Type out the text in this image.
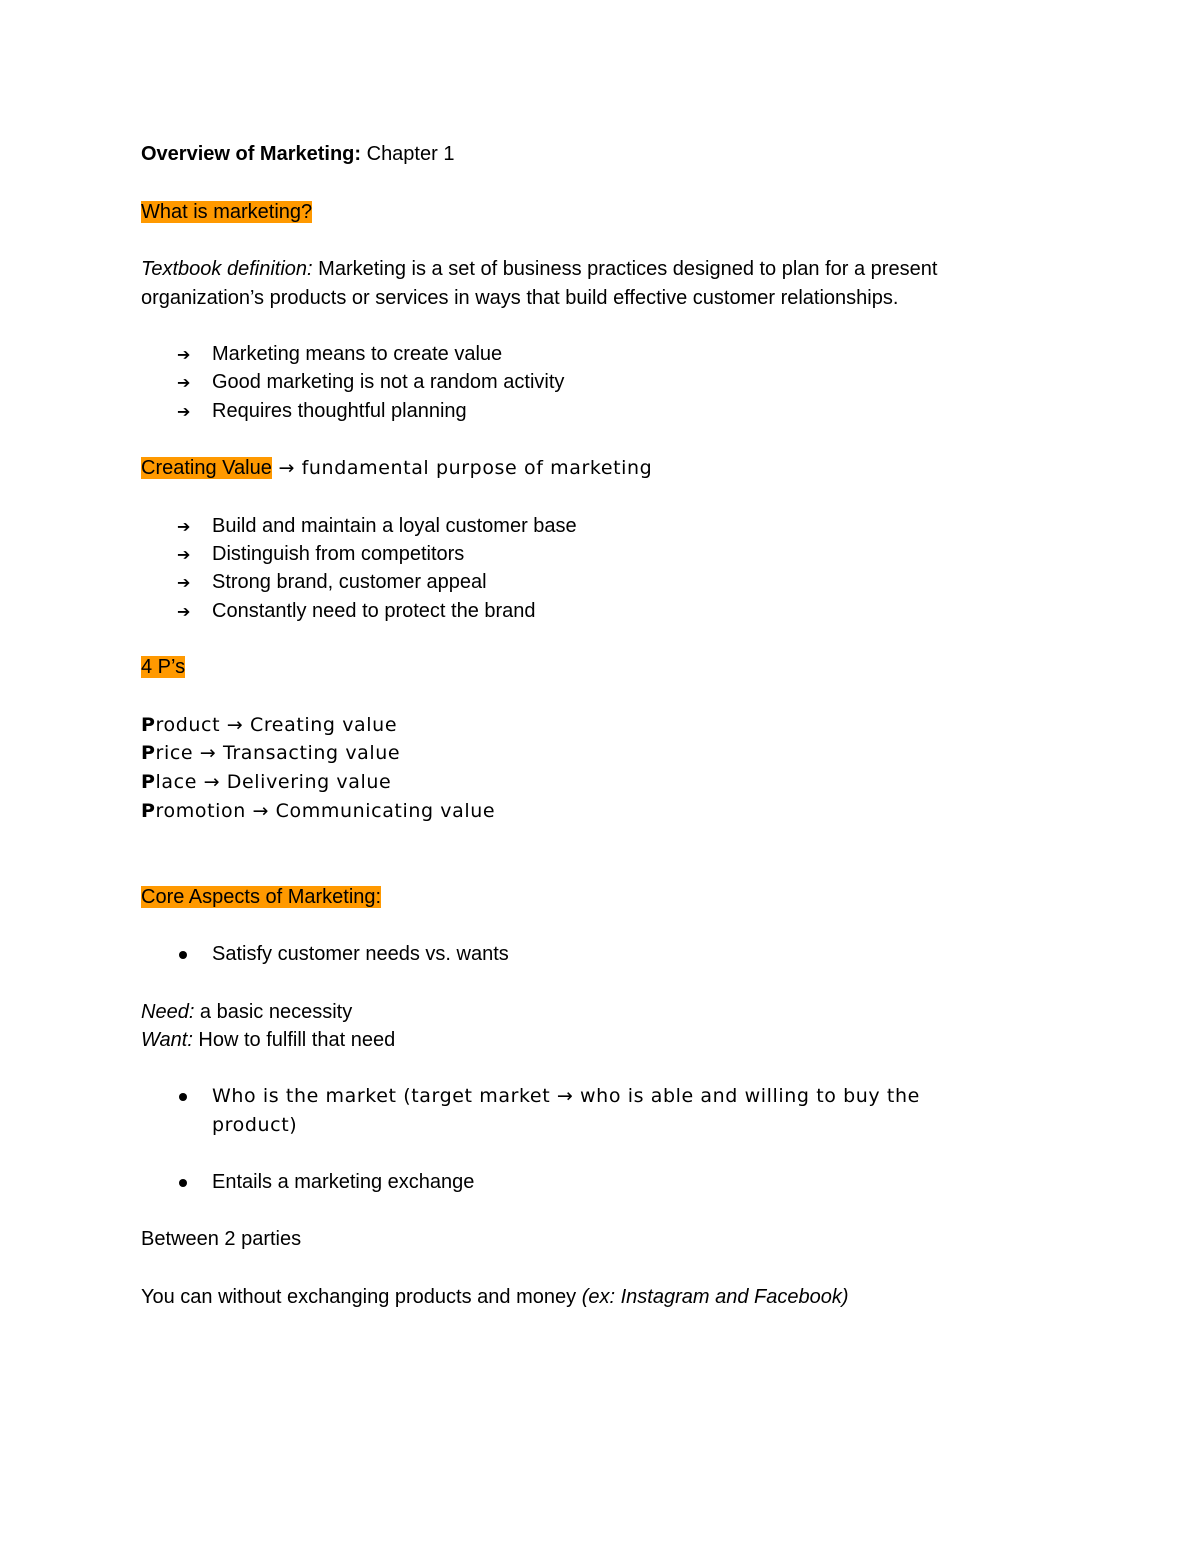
Overview of Marketing: Chapter 1
What is marketing?
Textbook definition: Marketing is a set of business practices designed to plan for a present
organization’s products or services in ways that build effective customer relationships.
➔ Marketing means to create value
➔ Good marketing is not a random activity
➔ Requires thoughtful planning
Creating Value → fundamental purpose of marketing
➔ Build and maintain a loyal customer base
➔ Distinguish from competitors
➔ Strong brand, customer appeal
➔ Constantly need to protect the brand
4 P’s
Product → Creating value
Price → Transacting value
Place → Delivering value
Promotion → Communicating value
Core Aspects of Marketing:
Satisfy customer needs vs. wants
Need: a basic necessity
Want: How to fulfill that need
Who is the market (target market → who is able and willing to buy the product)
Entails a marketing exchange
Between 2 parties
You can without exchanging products and money (ex: Instagram and Facebook)
